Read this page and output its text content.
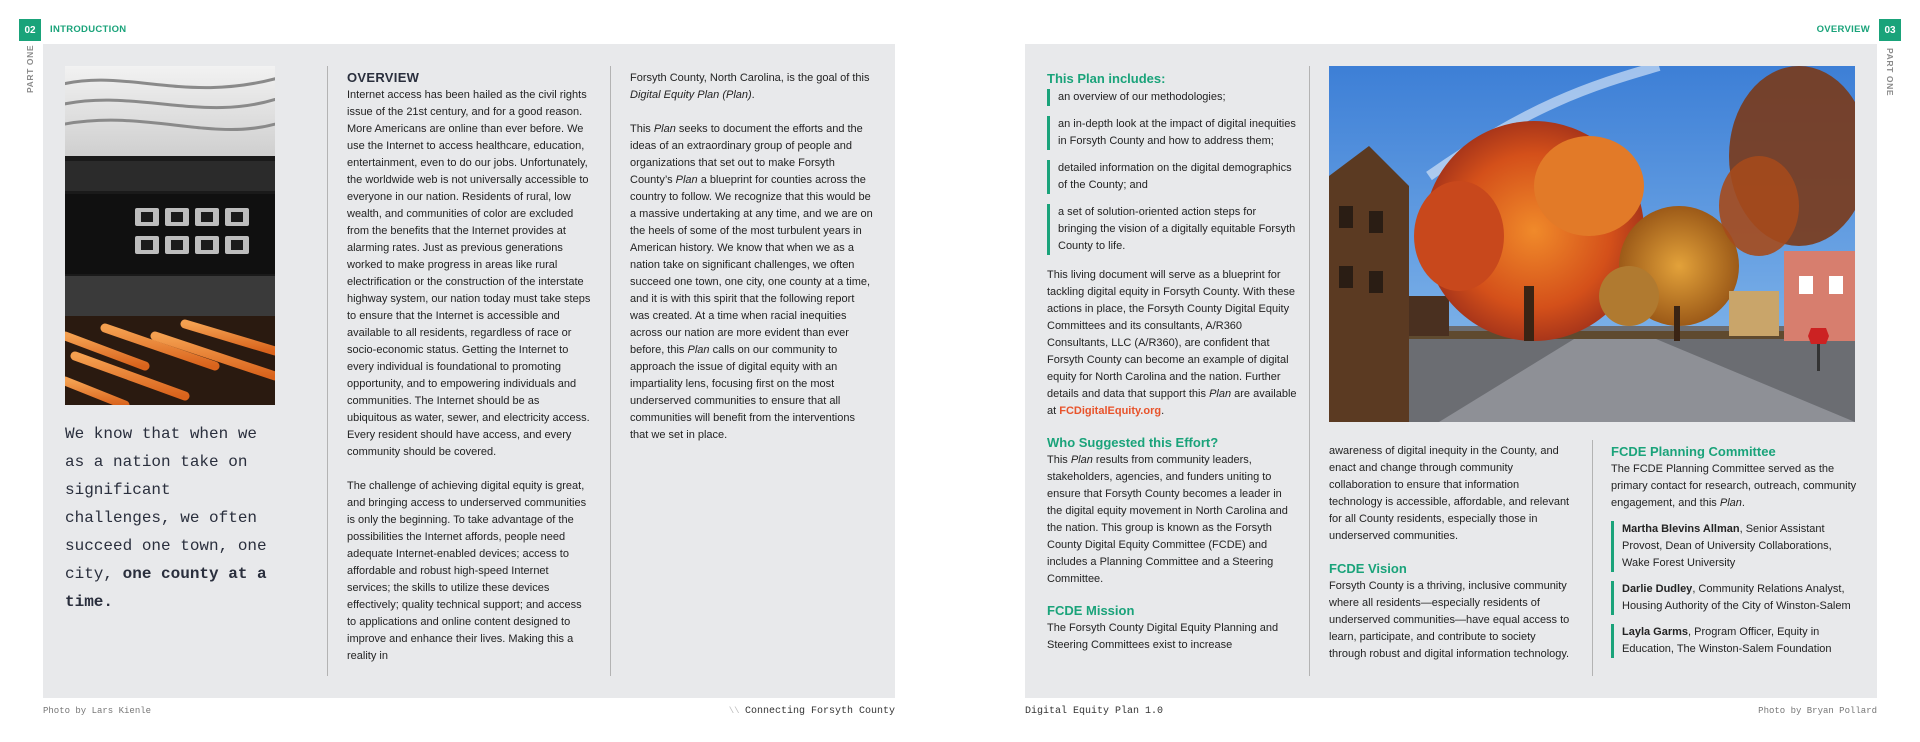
02	INTRODUCTION
PART ONE
We know that when we as a nation take on significant challenges, we often succeed one town, one city, one county at a time.
OVERVIEW

Internet access has been hailed as the civil rights issue of the 21st century, and for a good reason. More Americans are online than ever before. We use the Internet to access healthcare, education, entertainment, even to do our jobs. Unfortunately, the worldwide web is not universally accessible to everyone in our nation. Residents of rural, low wealth, and communities of color are excluded from the benefits that the Internet provides at alarming rates. Just as previous generations worked to make progress in areas like rural electrification or the construction of the interstate highway system, our nation today must take steps to ensure that the Internet is accessible and available to all residents, regardless of race or socio-economic status. Getting the Internet to every individual is foundational to promoting opportunity, and to empowering individuals and communities. The Internet should be as ubiquitous as water, sewer, and electricity access. Every resident should have access, and every community should be covered.

The challenge of achieving digital equity is great, and bringing access to underserved communities is only the beginning. To take advantage of the possibilities the Internet affords, people need adequate Internet-enabled devices; access to affordable and robust high-speed Internet services; the skills to utilize these devices effectively; quality technical support; and access to applications and online content designed to improve and enhance their lives. Making this a reality in

Forsyth County, North Carolina, is the goal of this Digital Equity Plan (Plan).

This Plan seeks to document the efforts and the ideas of an extraordinary group of people and organizations that set out to make Forsyth County’s Plan a blueprint for counties across the country to follow. We recognize that this would be a massive undertaking at any time, and we are on the heels of some of the most turbulent years in American history. We know that when we as a nation take on significant challenges, we often succeed one town, one city, one county at a time, and it is with this spirit that the following report was created. At a time when racial inequities across our nation are more evident than ever before, this Plan calls on our community to approach the issue of digital equity with an impartiality lens, focusing first on the most underserved communities to ensure that all communities will benefit from the interventions that we set in place.

Photo by Lars Kienle	\\ Connecting Forsyth County
03
OVERVIEW
PART ONE
This Plan includes:
an overview of our methodologies;
an in-depth look at the impact of digital inequities in Forsyth County and how to address them;
detailed information on the digital demographics of the County; and
a set of solution-oriented action steps for bringing the vision of a digitally equitable Forsyth County to life.
This living document will serve as a blueprint for tackling digital equity in Forsyth County. With these actions in place, the Forsyth County Digital Equity Committees and its consultants, A/R360 Consultants, LLC (A/R360), are confident that Forsyth County can become an example of digital equity for North Carolina and the nation. Further details and data that support this Plan are available at FCDigitalEquity.org.
Who Suggested this Effort?
This Plan results from community leaders, stakeholders, agencies, and funders uniting to ensure that Forsyth County becomes a leader in the digital equity movement in North Carolina and the nation. This group is known as the Forsyth County Digital Equity Committee (FCDE) and includes a Planning Committee and a Steering Committee.
FCDE Mission
The Forsyth County Digital Equity Planning and Steering Committees exist to increase
awareness of digital inequity in the County, and enact and change through community collaboration to ensure that information technology is accessible, affordable, and relevant for all County residents, especially those in underserved communities.
FCDE Vision
Forsyth County is a thriving, inclusive community where all residents—especially residents of underserved communities—have equal access to learn, participate, and contribute to society through robust and digital information technology.
FCDE Planning Committee
The FCDE Planning Committee served as the primary contact for research, outreach, community engagement, and this Plan.
Martha Blevins Allman, Senior Assistant Provost, Dean of University Collaborations, Wake Forest University
Darlie Dudley, Community Relations Analyst, Housing Authority of the City of Winston-Salem
Layla Garms, Program Officer, Equity in Education, The Winston-Salem Foundation
Digital Equity Plan 1.0	Photo by Bryan Pollard
